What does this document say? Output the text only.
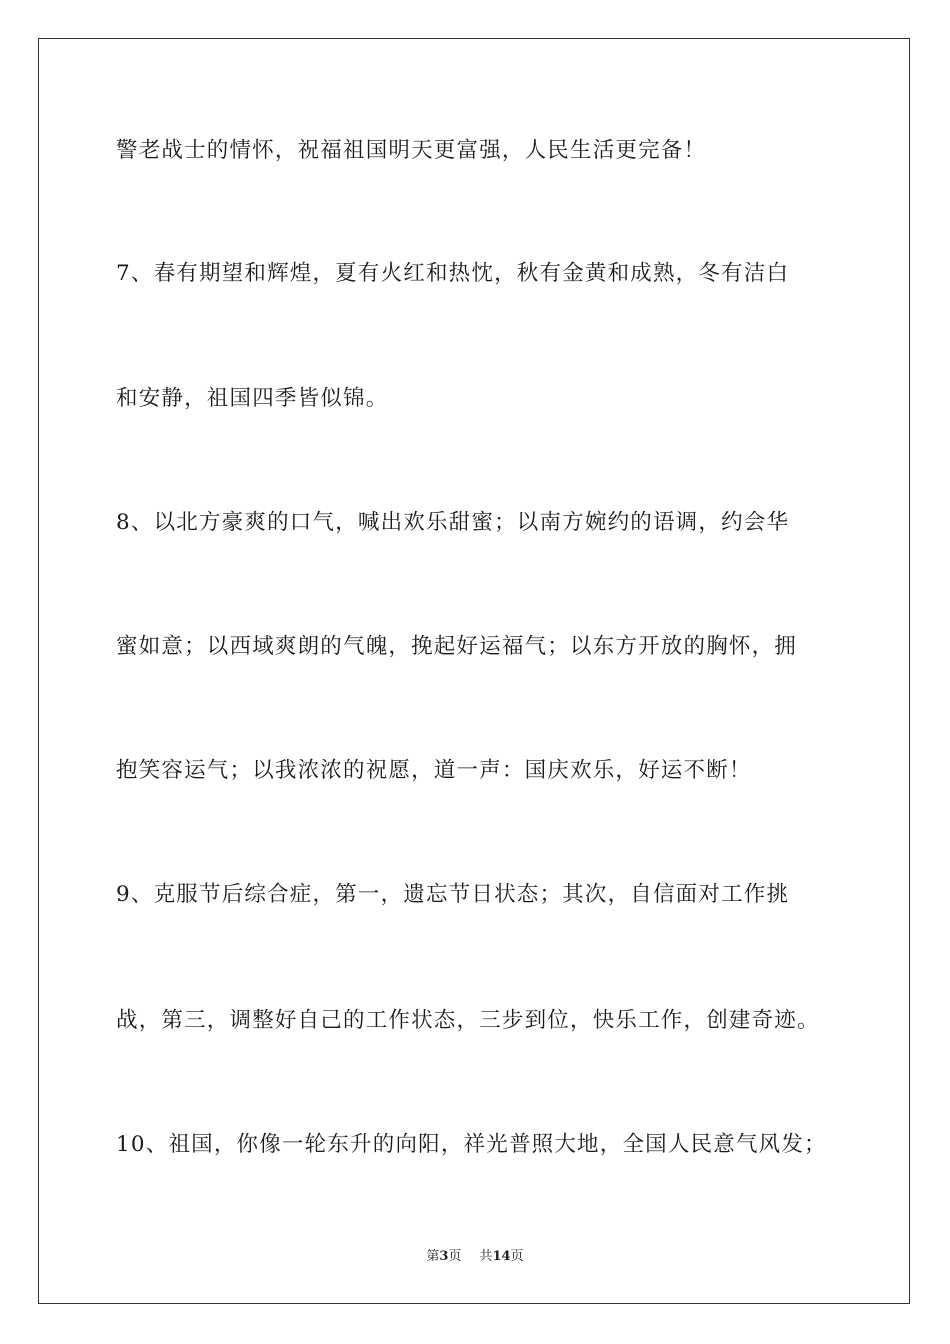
警老战士的情怀，祝福祖国明天更富强，人民生活更完备！
7、春有期望和辉煌，夏有火红和热忱，秋有金黄和成熟，冬有洁白
和安静，祖国四季皆似锦。
8、以北方豪爽的口气，喊出欢乐甜蜜；以南方婉约的语调，约会华
蜜如意；以西域爽朗的气魄，挽起好运福气；以东方开放的胸怀，拥
抱笑容运气；以我浓浓的祝愿，道一声：国庆欢乐，好运不断！
9、克服节后综合症，第一，遗忘节日状态；其次，自信面对工作挑
战，第三，调整好自己的工作状态，三步到位，快乐工作，创建奇迹。
10、祖国，你像一轮东升的向阳，祥光普照大地，全国人民意气风发；
第3页 共14页
